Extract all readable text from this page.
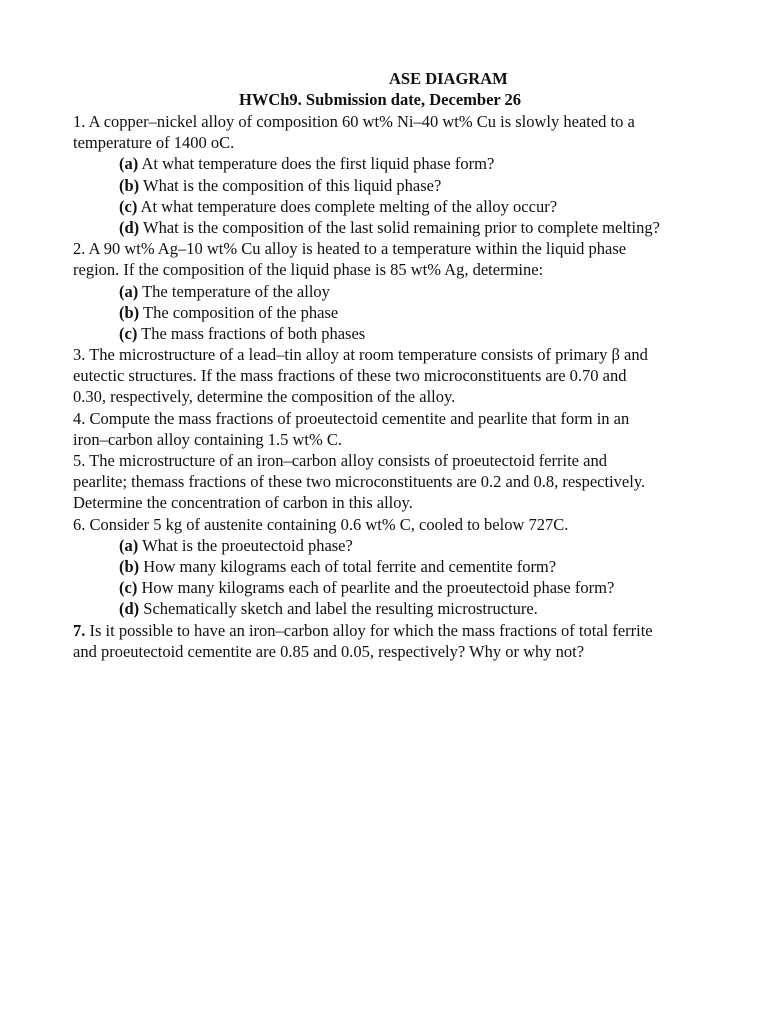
ASE DIAGRAM
HWCh9. Submission date, December 26
1. A copper–nickel alloy of composition 60 wt% Ni–40 wt% Cu is slowly heated to a
temperature of 1400 oC.
(a) At what temperature does the first liquid phase form?
(b) What is the composition of this liquid phase?
(c) At what temperature does complete melting of the alloy occur?
(d) What is the composition of the last solid remaining prior to complete melting?
2. A 90 wt% Ag–10 wt% Cu alloy is heated to a temperature within the liquid phase
region. If the composition of the liquid phase is 85 wt% Ag, determine:
(a) The temperature of the alloy
(b) The composition of the phase
(c) The mass fractions of both phases
3. The microstructure of a lead–tin alloy at room temperature consists of primary β and
eutectic structures. If the mass fractions of these two microconstituents are 0.70 and
0.30, respectively, determine the composition of the alloy.
4. Compute the mass fractions of proeutectoid cementite and pearlite that form in an
iron–carbon alloy containing 1.5 wt% C.
5. The microstructure of an iron–carbon alloy consists of proeutectoid ferrite and
pearlite; themass fractions of these two microconstituents are 0.2 and 0.8, respectively.
Determine the concentration of carbon in this alloy.
6. Consider 5 kg of austenite containing 0.6 wt% C, cooled to below 727C.
(a) What is the proeutectoid phase?
(b) How many kilograms each of total ferrite and cementite form?
(c) How many kilograms each of pearlite and the proeutectoid phase form?
(d) Schematically sketch and label the resulting microstructure.
7. Is it possible to have an iron–carbon alloy for which the mass fractions of total ferrite
and proeutectoid cementite are 0.85 and 0.05, respectively? Why or why not?
